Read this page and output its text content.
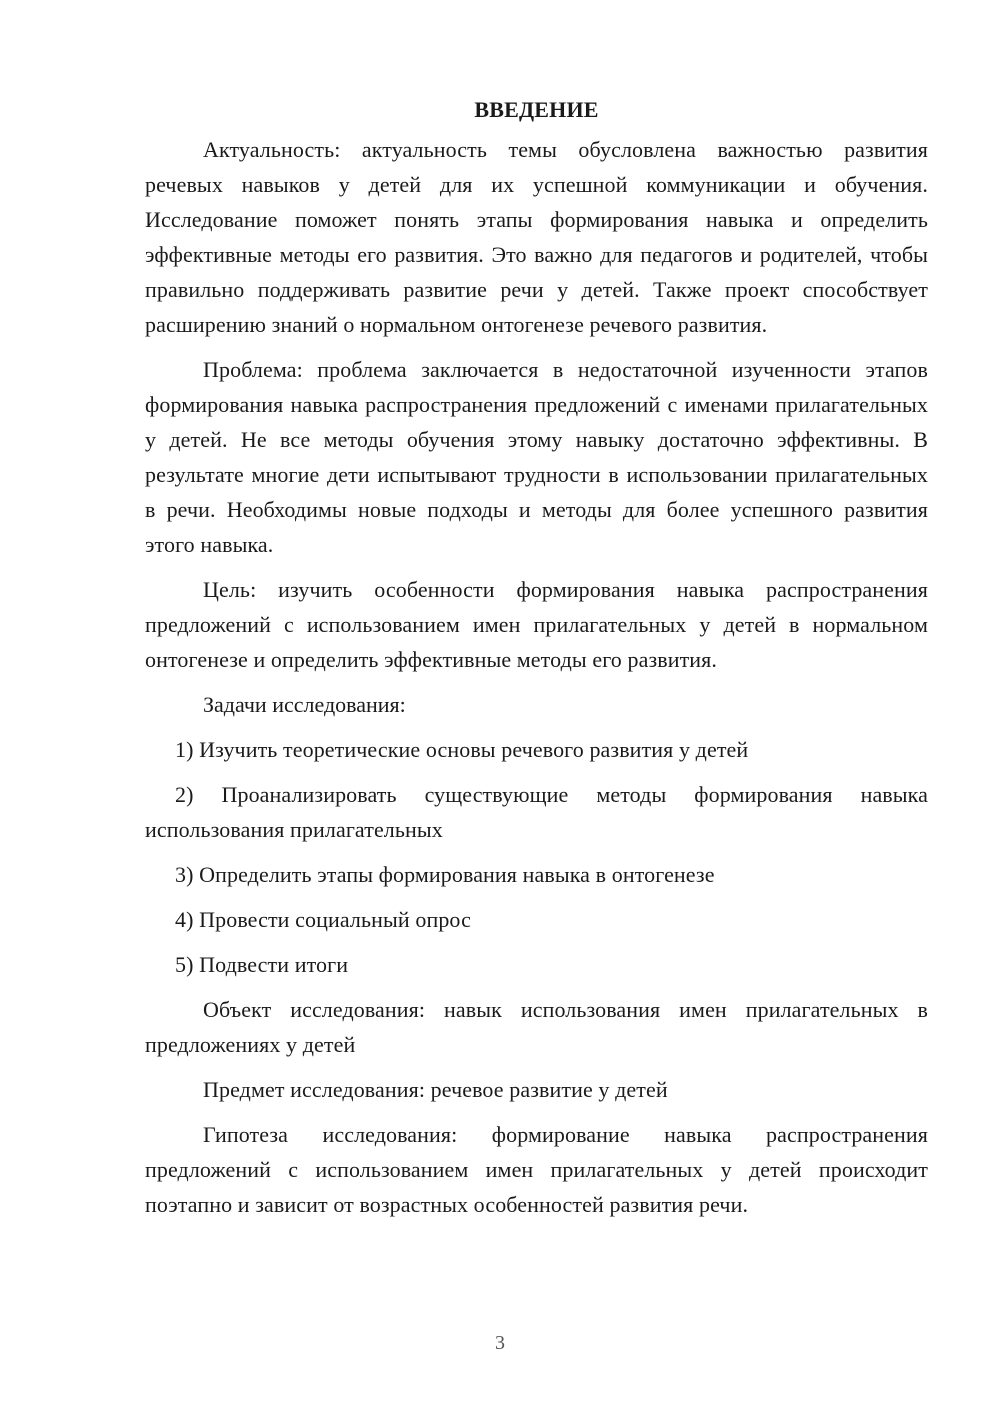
ВВЕДЕНИЕ

Актуальность: актуальность темы обусловлена важностью развития речевых навыков у детей для их успешной коммуникации и обучения. Исследование поможет понять этапы формирования навыка и определить эффективные методы его развития. Это важно для педагогов и родителей, чтобы правильно поддерживать развитие речи у детей. Также проект способствует расширению знаний о нормальном онтогенезе речевого развития.

Проблема: проблема заключается в недостаточной изученности этапов формирования навыка распространения предложений с именами прилагательных у детей. Не все методы обучения этому навыку достаточно эффективны. В результате многие дети испытывают трудности в использовании прилагательных в речи. Необходимы новые подходы и методы для более успешного развития этого навыка.

Цель: изучить особенности формирования навыка распространения предложений с использованием имен прилагательных у детей в нормальном онтогенезе и определить эффективные методы его развития.

Задачи исследования:

1) Изучить теоретические основы речевого развития у детей

2) Проанализировать существующие методы формирования навыка использования прилагательных

3) Определить этапы формирования навыка в онтогенезе

4) Провести социальный опрос

5) Подвести итоги

Объект исследования: навык использования имен прилагательных в предложениях у детей

Предмет исследования: речевое развитие у детей

Гипотеза исследования: формирование навыка распространения предложений с использованием имен прилагательных у детей происходит поэтапно и зависит от возрастных особенностей развития речи.

3
